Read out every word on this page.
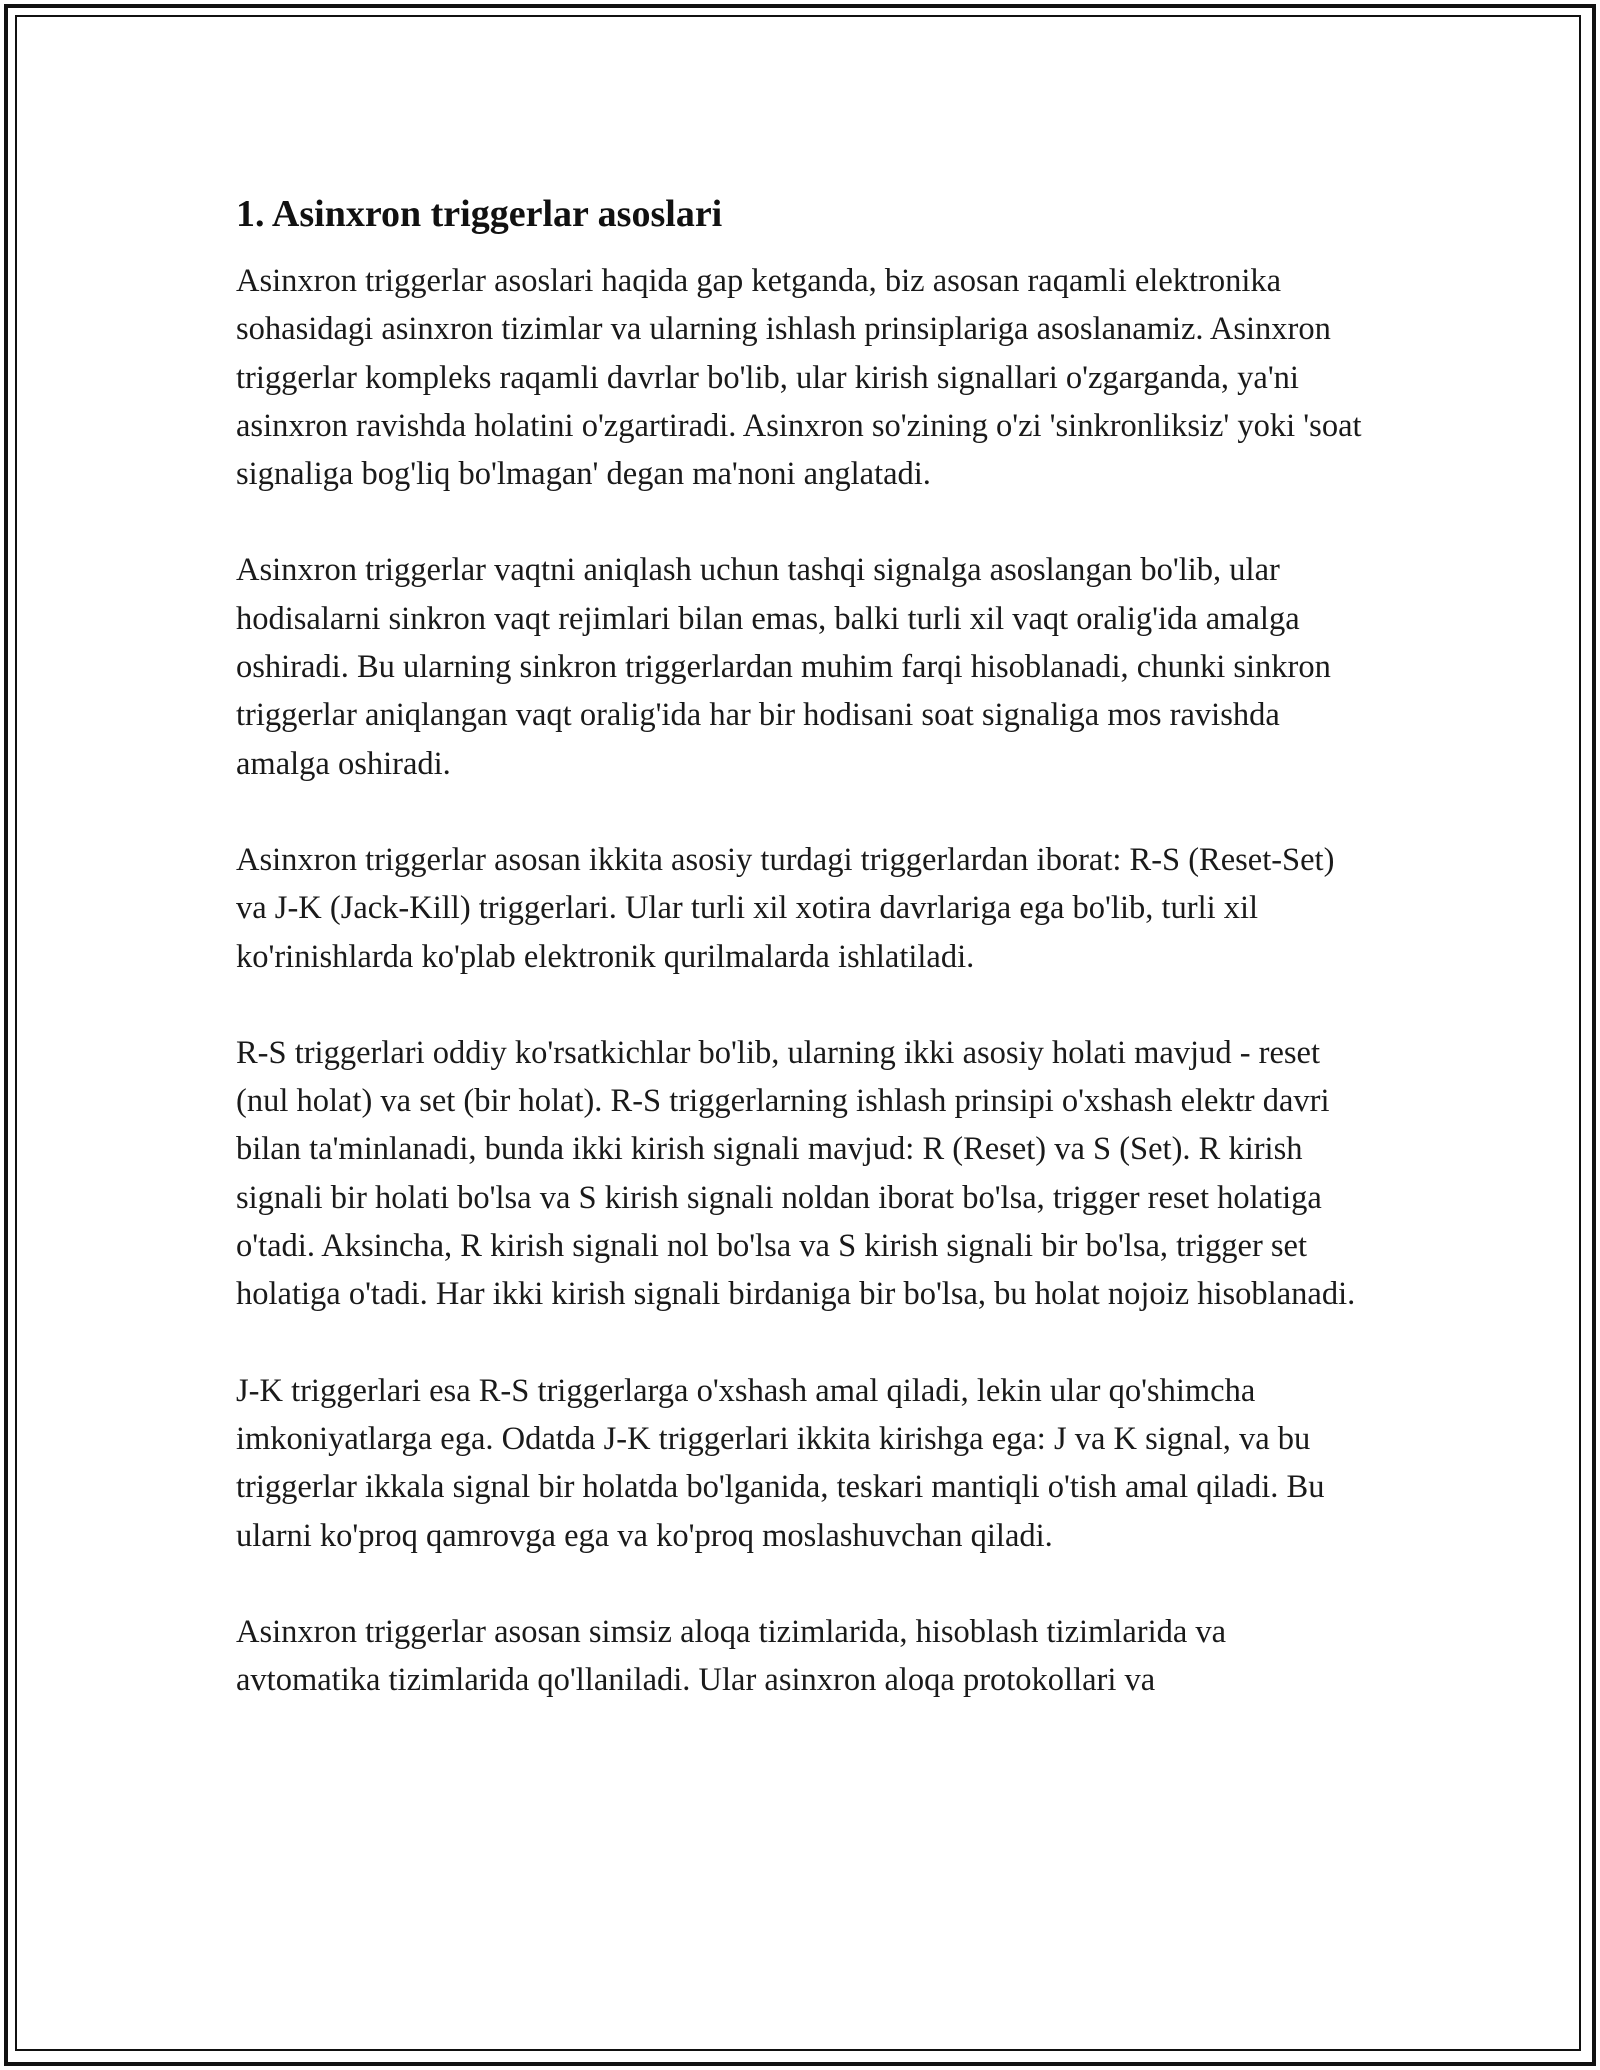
1. Asinxron triggerlar asoslari

Asinxron triggerlar asoslari haqida gap ketganda, biz asosan raqamli elektronika sohasidagi asinxron tizimlar va ularning ishlash prinsiplariga asoslanamiz. Asinxron triggerlar kompleks raqamli davrlar bo'lib, ular kirish signallari o'zgarganda, ya'ni asinxron ravishda holatini o'zgartiradi. Asinxron so'zining o'zi 'sinkronliksiz' yoki 'soat signaliga bog'liq bo'lmagan' degan ma'noni anglatadi.

Asinxron triggerlar vaqtni aniqlash uchun tashqi signalga asoslangan bo'lib, ular hodisalarni sinkron vaqt rejimlari bilan emas, balki turli xil vaqt oralig'ida amalga oshiradi. Bu ularning sinkron triggerlardan muhim farqi hisoblanadi, chunki sinkron triggerlar aniqlangan vaqt oralig'ida har bir hodisani soat signaliga mos ravishda amalga oshiradi.

Asinxron triggerlar asosan ikkita asosiy turdagi triggerlardan iborat: R-S (Reset-Set) va J-K (Jack-Kill) triggerlari. Ular turli xil xotira davrlariga ega bo'lib, turli xil ko'rinishlarda ko'plab elektronik qurilmalarda ishlatiladi.

R-S triggerlari oddiy ko'rsatkichlar bo'lib, ularning ikki asosiy holati mavjud - reset (nul holat) va set (bir holat). R-S triggerlarning ishlash prinsipi o'xshash elektr davri bilan ta'minlanadi, bunda ikki kirish signali mavjud: R (Reset) va S (Set). R kirish signali bir holati bo'lsa va S kirish signali noldan iborat bo'lsa, trigger reset holatiga o'tadi. Aksincha, R kirish signali nol bo'lsa va S kirish signali bir bo'lsa, trigger set holatiga o'tadi. Har ikki kirish signali birdaniga bir bo'lsa, bu holat nojoiz hisoblanadi.

J-K triggerlari esa R-S triggerlarga o'xshash amal qiladi, lekin ular qo'shimcha imkoniyatlarga ega. Odatda J-K triggerlari ikkita kirishga ega: J va K signal, va bu triggerlar ikkala signal bir holatda bo'lganida, teskari mantiqli o'tish amal qiladi. Bu ularni ko'proq qamrovga ega va ko'proq moslashuvchan qiladi.

Asinxron triggerlar asosan simsiz aloqa tizimlarida, hisoblash tizimlarida va avtomatika tizimlarida qo'llaniladi. Ular asinxron aloqa protokollari va
